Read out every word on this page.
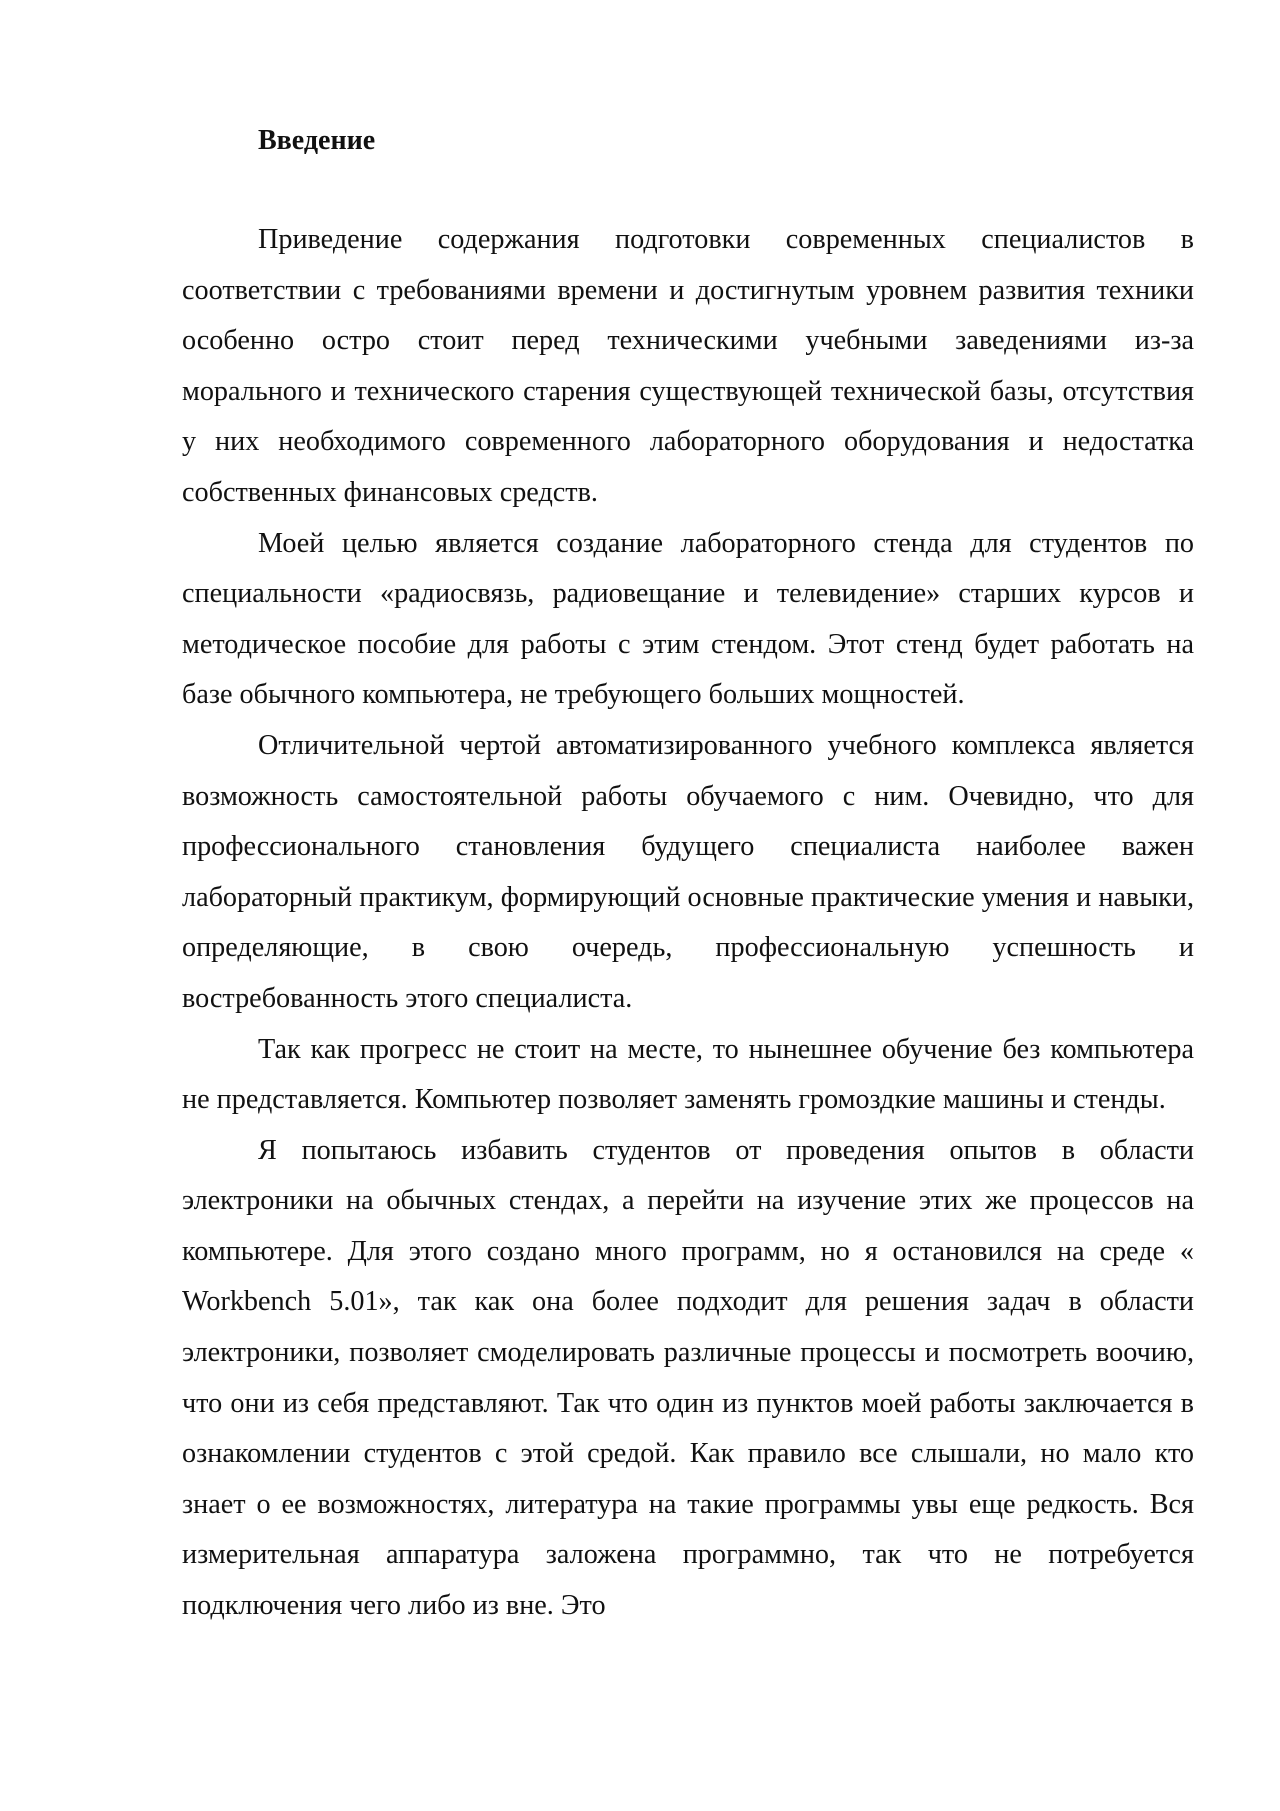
Введение

Приведение содержания подготовки современных специалистов в соответствии с требованиями времени и достигнутым уровнем развития техники особенно остро стоит перед техническими учебными заведениями из-за морального и технического старения существующей технической базы, отсутствия у них необходимого современного лабораторного оборудования и недостатка собственных финансовых средств.

Моей целью является создание лабораторного стенда для студентов по специальности «радиосвязь, радиовещание и телевидение» старших курсов и методическое пособие для работы с этим стендом. Этот стенд будет работать на базе обычного компьютера, не требующего больших мощностей.

Отличительной чертой автоматизированного учебного комплекса является возможность самостоятельной работы обучаемого с ним. Очевидно, что для профессионального становления будущего специалиста наиболее важен лабораторный практикум, формирующий основные практические умения и навыки, определяющие, в свою очередь, профессиональную успешность и востребованность этого специалиста.

Так как прогресс не стоит на месте, то нынешнее обучение без компьютера не представляется. Компьютер позволяет заменять громоздкие машины и стенды.

Я попытаюсь избавить студентов от проведения опытов в области электроники на обычных стендах, а перейти на изучение этих же процессов на компьютере. Для этого создано много программ, но я остановился на среде « Workbench 5.01», так как она более подходит для решения задач в области электроники, позволяет смоделировать различные процессы и посмотреть воочию, что они из себя представляют. Так что один из пунктов моей работы заключается в ознакомлении студентов с этой средой. Как правило все слышали, но мало кто знает о ее возможностях, литература на такие программы увы еще редкость. Вся измерительная аппаратура заложена программно, так что не потребуется подключения чего либо из вне. Это
